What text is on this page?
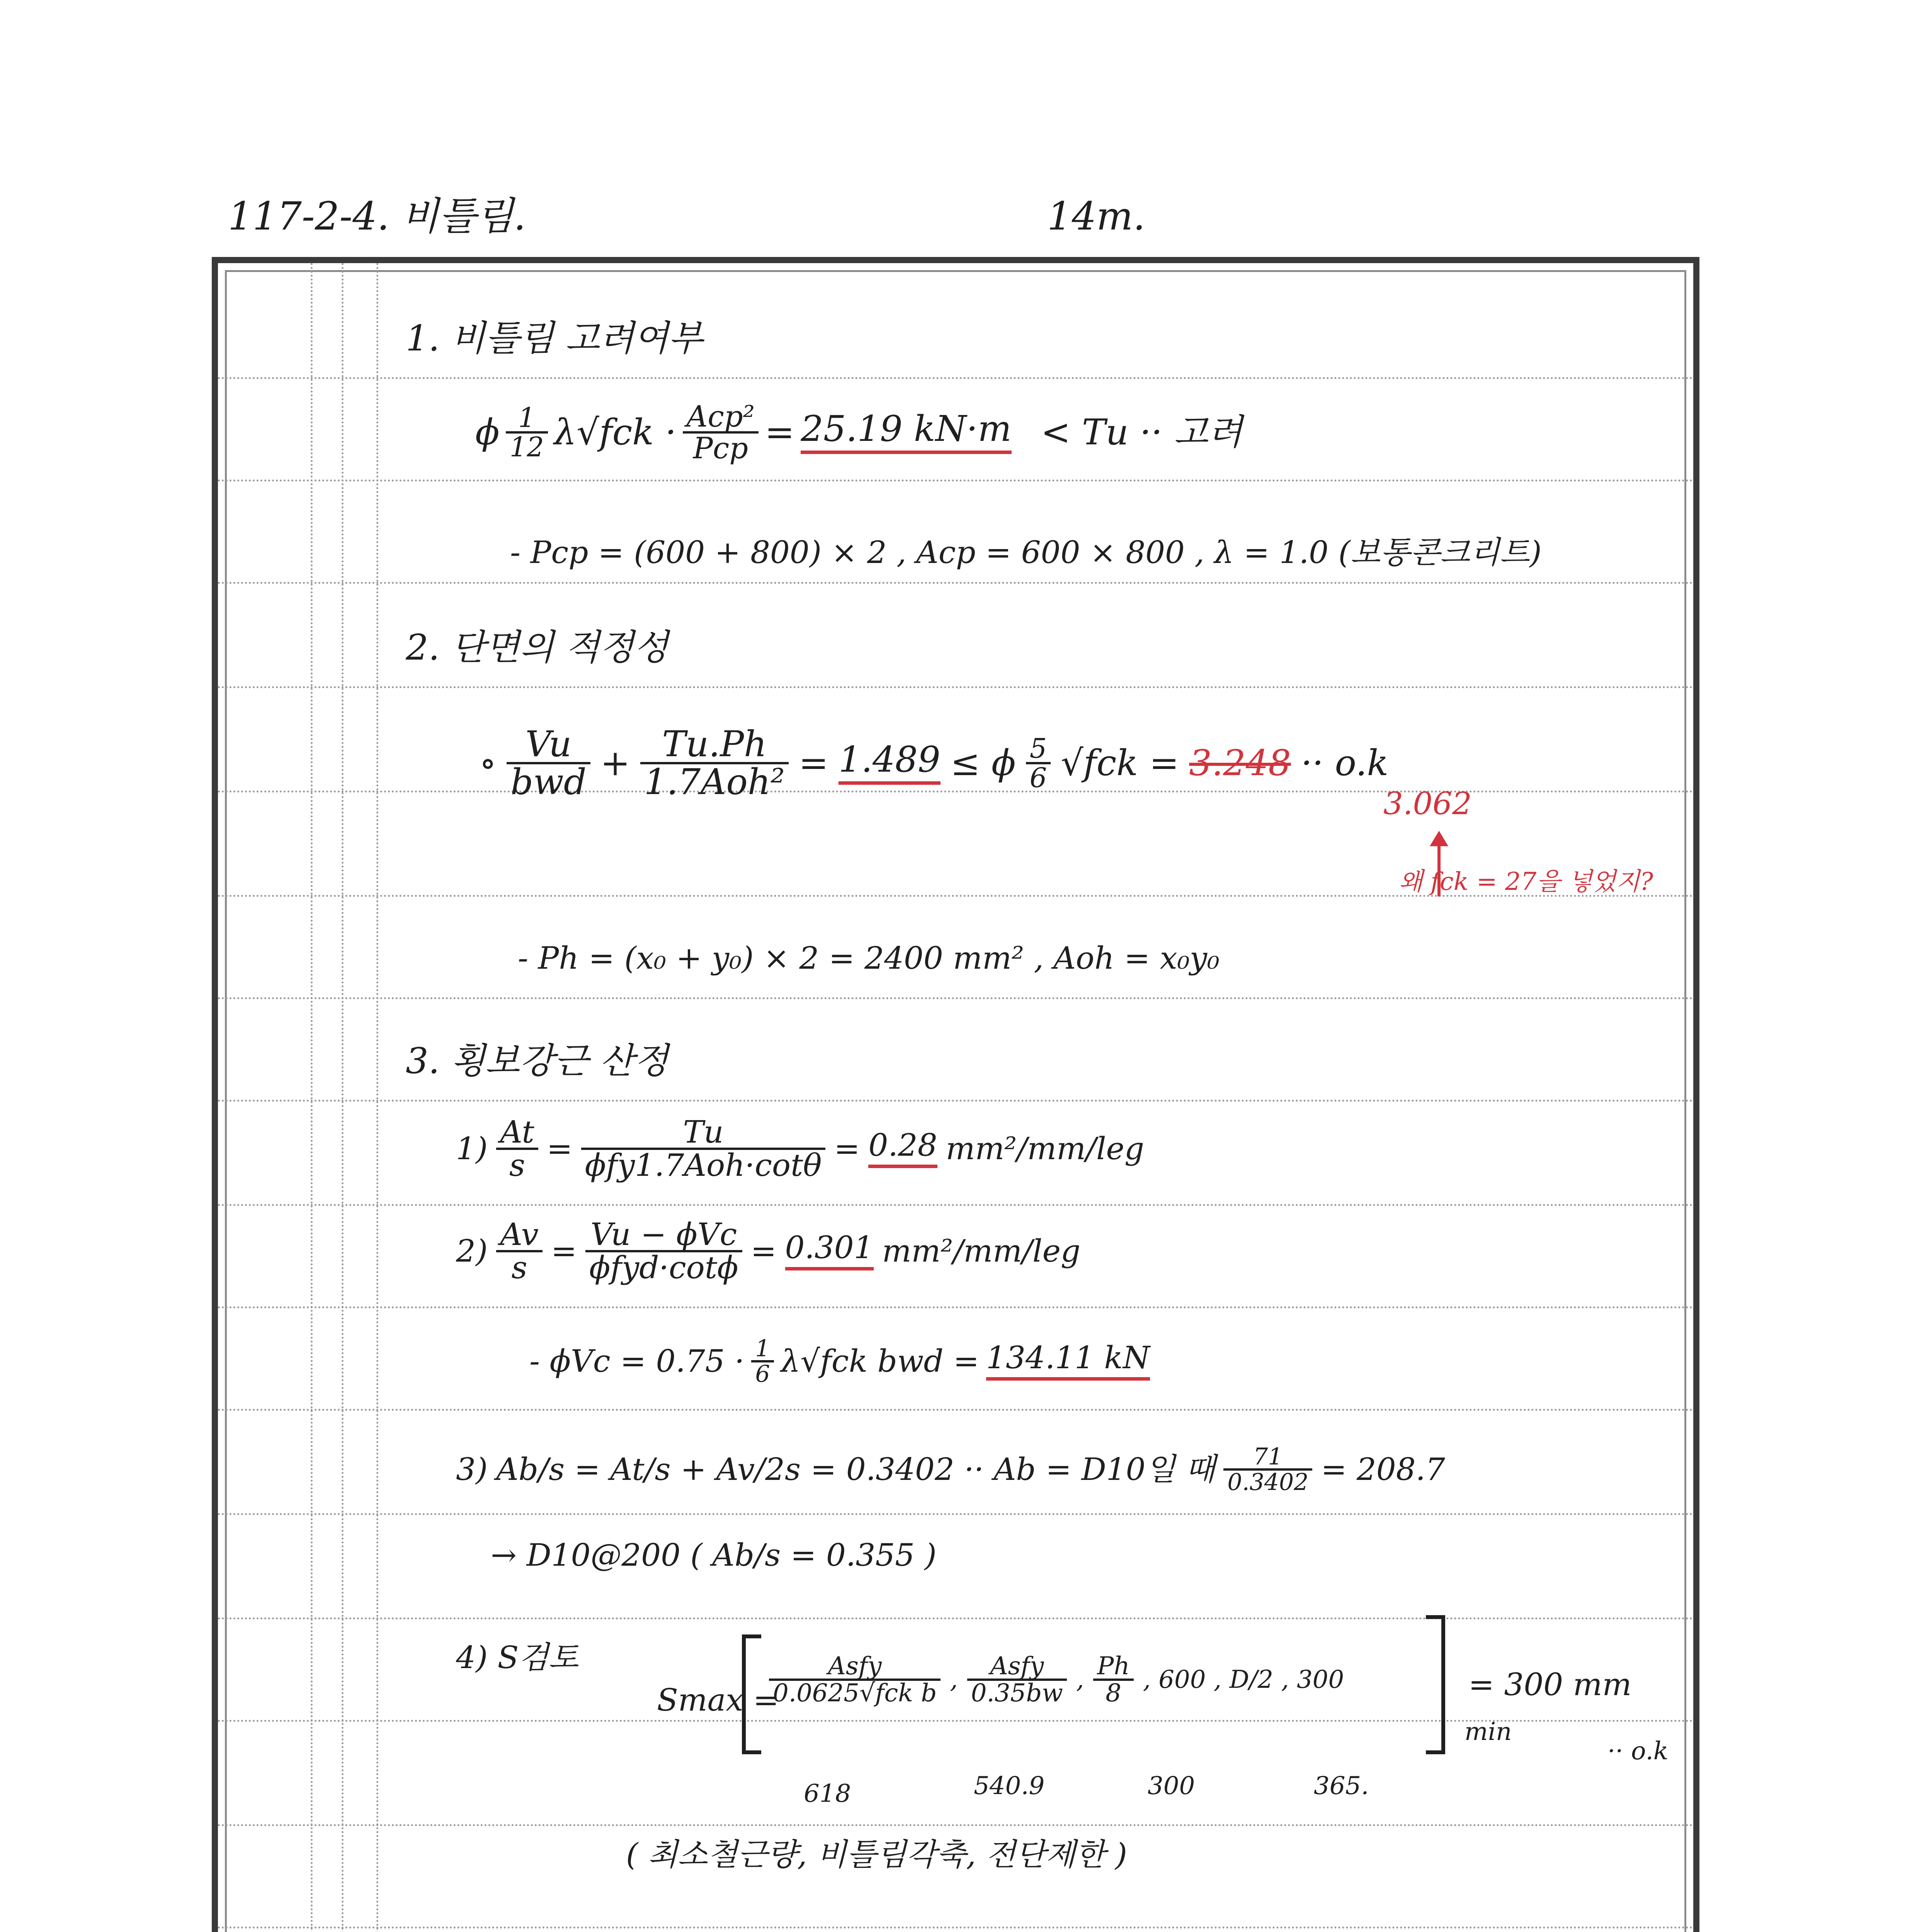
117-2-4. 비틀림.	14m.
1. 비틀림 고려여부
ϕ $\frac{1}{12} \lambda√fck \cdot \frac{\text{Acp²}}{\text{Pcp}} = 25.19$ kN·m < Tu ·· 고려
- Pcp = (600 + 800) × 2 , Acp = 600 × 800 , λ = 1.0 (보통콘크리트)
2. 단면의 적정성
∘ $\frac{Vu}{\text{bwd}} + \frac{Tu.Ph}{\text{1.7Aoh²}} = 1.489 \le \phi \frac{5}{6} √fck = 3.248 \cdot\cdot o.k$
3.062
왜 fck = 27을 넣었지?
- Ph = (x₀ + y₀) × 2 = 2400 mm² , Aoh = x₀y₀
3. 횡보강근 산정
$1) \frac{At}{s} = \frac{Tu}{\text{ϕfy1.7Aoh·cotθ}} = 0.28$ mm²/mm/leg
$2) \frac{Av}{s} = \frac{\text{Vu − ϕVc}}{\text{ϕfyd·cotϕ}} = 0.301$ mm²/mm/leg
- $\phi Vc = 0.75 \cdot \frac{1}{6} \lambda√fck$ bwd = 134.11 kN
3) Ab/s = At/s + Av/2s = 0.3402 ·· Ab = D10일 때 $\frac{71}{0.3402} = 208.7$
→ D10@200 ( Ab/s = 0.355 )
4) S검토
Smax =
$\frac{\text{Asfy}}{\text{0.0625√fck b}}$ , $\frac{\text{Asfy}}{0.35bw}$ , $\frac{Ph}{8}$ , 600 , D/2 , 300
min
= 300 mm
·· o.k
618	540.9	300	365.
( 최소철근량, 비틀림각축, 전단제한 )
